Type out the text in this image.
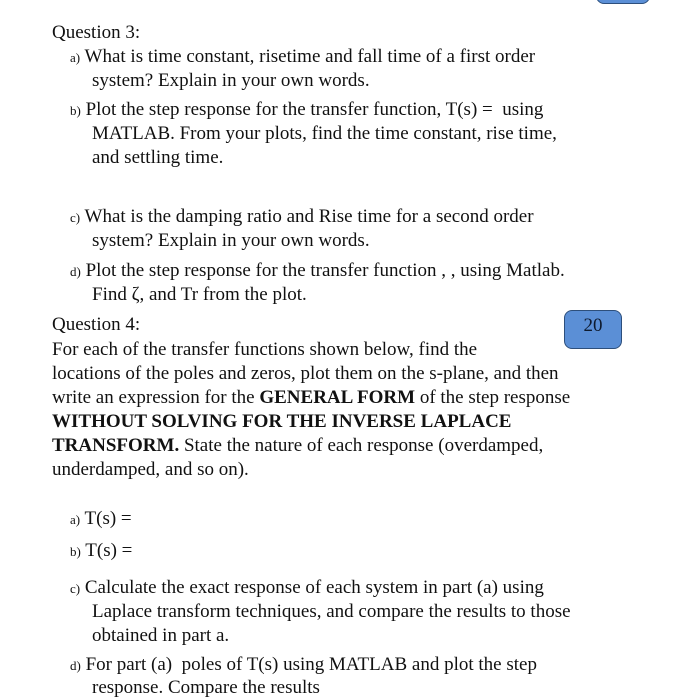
Question 3:
a) What is time constant, risetime and fall time of a first order
system? Explain in your own words.
b) Plot the step response for the transfer function, T(s) =  using
MATLAB. From your plots, find the time constant, rise time,
and settling time.
c) What is the damping ratio and Rise time for a second order
system? Explain in your own words.
d) Plot the step response for the transfer function , , using Matlab.
Find ζ, and Tr from the plot.
Question 4:	20
For each of the transfer functions shown below, find the
locations of the poles and zeros, plot them on the s-plane, and then
write an expression for the GENERAL FORM of the step response
WITHOUT SOLVING FOR THE INVERSE LAPLACE
TRANSFORM. State the nature of each response (overdamped,
underdamped, and so on).
a) T(s) =
b) T(s) =
c) Calculate the exact response of each system in part (a) using
Laplace transform techniques, and compare the results to those
obtained in part a.
d) For part (a)  poles of T(s) using MATLAB and plot the step
response. Compare the results
